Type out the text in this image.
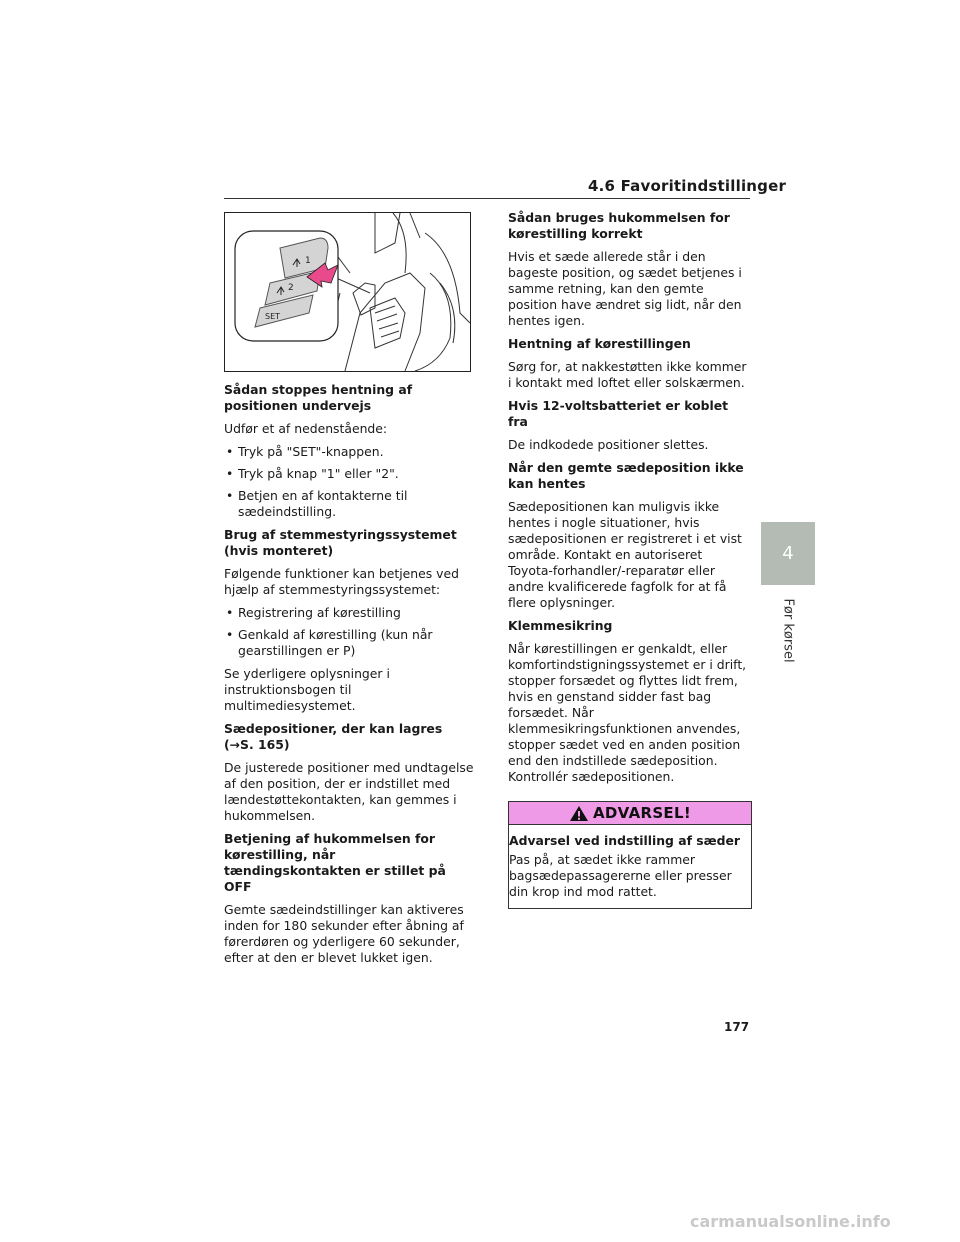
4.6 Favoritindstillinger
1
2
SET
Sådan stoppes hentning af positionen undervejs

Udfør et af nedenstående:

• Tryk på "SET"-knappen.
• Tryk på knap "1" eller "2".
• Betjen en af kontakterne til sædeindstilling.
Brug af stemmestyringssystemet (hvis monteret)

Følgende funktioner kan betjenes ved hjælp af stemmestyringssystemet:

• Registrering af kørestilling
• Genkald af kørestilling (kun når gearstillingen er P)

Se yderligere oplysninger i instruktionsbogen til multimediesystemet.

Sædepositioner, der kan lagres (→S. 165)

De justerede positioner med undtagelse af den position, der er indstillet med lændestøttekontakten, kan gemmes i hukommelsen.

Betjening af hukommelsen for kørestilling, når tændingskontakten er stillet på OFF

Gemte sædeindstillinger kan aktiveres inden for 180 sekunder efter åbning af førerdøren og yderligere 60 sekunder, efter at den er blevet lukket igen.

Sådan bruges hukommelsen for kørestilling korrekt

Hvis et sæde allerede står i den bageste position, og sædet betjenes i samme retning, kan den gemte position have ændret sig lidt, når den hentes igen.

Hentning af kørestillingen

Sørg for, at nakkestøtten ikke kommer i kontakt med loftet eller solskærmen.

Hvis 12-voltsbatteriet er koblet fra

De indkodede positioner slettes.

Når den gemte sædeposition ikke kan hentes

Sædepositionen kan muligvis ikke hentes i nogle situationer, hvis sædepositionen er registreret i et vist område. Kontakt en autoriseret Toyota-forhandler/-reparatør eller andre kvalificerede fagfolk for at få flere oplysninger.

Klemmesikring

Når kørestillingen er genkaldt, eller komfortindstigningssystemet er i drift, stopper forsædet og flyttes lidt frem, hvis en genstand sidder fast bag forsædet. Når klemmesikringsfunktionen anvendes, stopper sædet ved en anden position end den indstillede sædeposition. Kontrollér sædepositionen.

ADVARSEL!
Advarsel ved indstilling af sæder

Pas på, at sædet ikke rammer bagsædepassagererne eller presser din krop ind mod rattet.

4
Før kørsel
177
carmanualsonline.info
